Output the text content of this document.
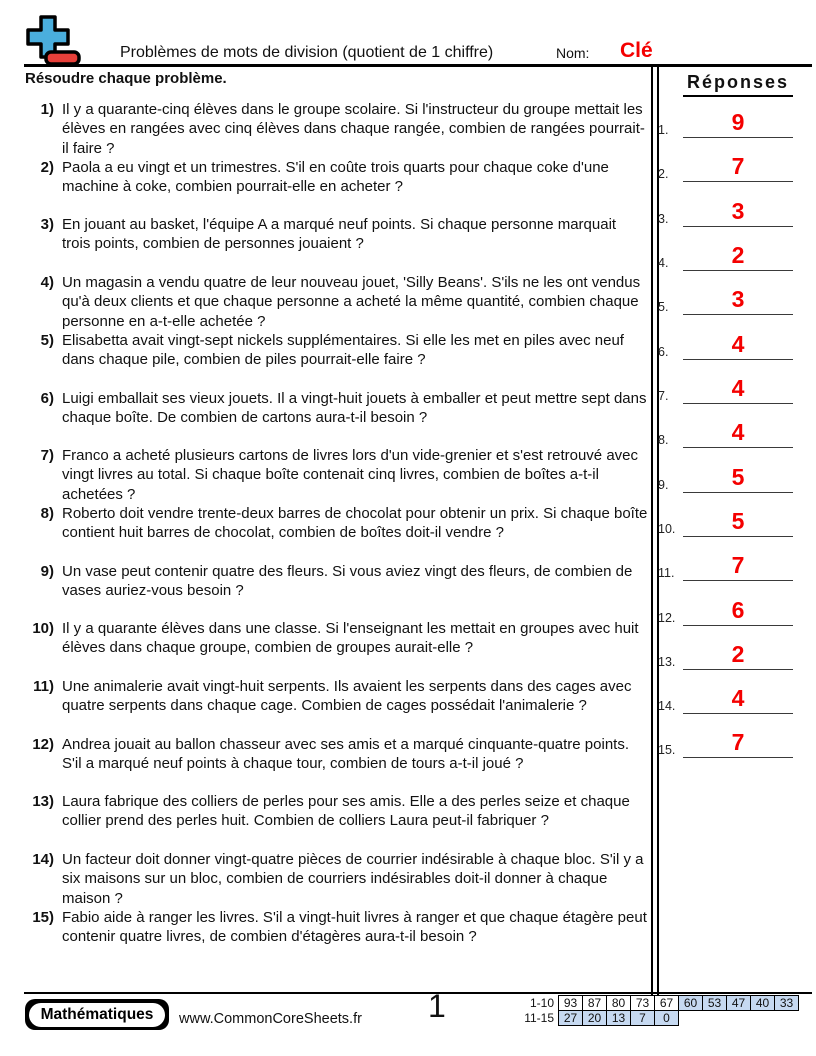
Problèmes de mots de division (quotient de 1 chiffre)	Nom: Clé
Résoudre chaque problème.	Réponses
1) Il y a quarante-cinq élèves dans le groupe scolaire. Si l'instructeur du groupe mettait les élèves en rangées avec cinq élèves dans chaque rangée, combien de rangées pourrait-il faire ?
2) Paola a eu vingt et un trimestres. S'il en coûte trois quarts pour chaque coke d'une machine à coke, combien pourrait-elle en acheter ?
3) En jouant au basket, l'équipe A a marqué neuf points. Si chaque personne marquait trois points, combien de personnes jouaient ?
4) Un magasin a vendu quatre de leur nouveau jouet, 'Silly Beans'. S'ils ne les ont vendus qu'à deux clients et que chaque personne a acheté la même quantité, combien chaque personne en a-t-elle achetée ?
5) Elisabetta avait vingt-sept nickels supplémentaires. Si elle les met en piles avec neuf dans chaque pile, combien de piles pourrait-elle faire ?
6) Luigi emballait ses vieux jouets. Il a vingt-huit jouets à emballer et peut mettre sept dans chaque boîte. De combien de cartons aura-t-il besoin ?
7) Franco a acheté plusieurs cartons de livres lors d'un vide-grenier et s'est retrouvé avec vingt livres au total. Si chaque boîte contenait cinq livres, combien de boîtes a-t-il achetées ?
8) Roberto doit vendre trente-deux barres de chocolat pour obtenir un prix. Si chaque boîte contient huit barres de chocolat, combien de boîtes doit-il vendre ?
9) Un vase peut contenir quatre des fleurs. Si vous aviez vingt des fleurs, de combien de vases auriez-vous besoin ?
10) Il y a quarante élèves dans une classe. Si l'enseignant les mettait en groupes avec huit élèves dans chaque groupe, combien de groupes aurait-elle ?
11) Une animalerie avait vingt-huit serpents. Ils avaient les serpents dans des cages avec quatre serpents dans chaque cage. Combien de cages possédait l'animalerie ?
12) Andrea jouait au ballon chasseur avec ses amis et a marqué cinquante-quatre points. S'il a marqué neuf points à chaque tour, combien de tours a-t-il joué ?
13) Laura fabrique des colliers de perles pour ses amis. Elle a des perles seize et chaque collier prend des perles huit. Combien de colliers Laura peut-il fabriquer ?
14) Un facteur doit donner vingt-quatre pièces de courrier indésirable à chaque bloc. S'il y a six maisons sur un bloc, combien de courriers indésirables doit-il donner à chaque maison ?
15) Fabio aide à ranger les livres. S'il a vingt-huit livres à ranger et que chaque étagère peut contenir quatre livres, de combien d'étagères aura-t-il besoin ?
1.	9
2.	7
3.	3
4.	2
5.	3
6.	4
7.	4
8.	4
9.	5
10.	5
11.	7
12.	6
13.	2
14.	4
15.	7
Mathématiques	www.CommonCoreSheets.fr 1	1-10 93 87 80 73 67 60 53 47 40 33
11-15 27 20 13	7	0
